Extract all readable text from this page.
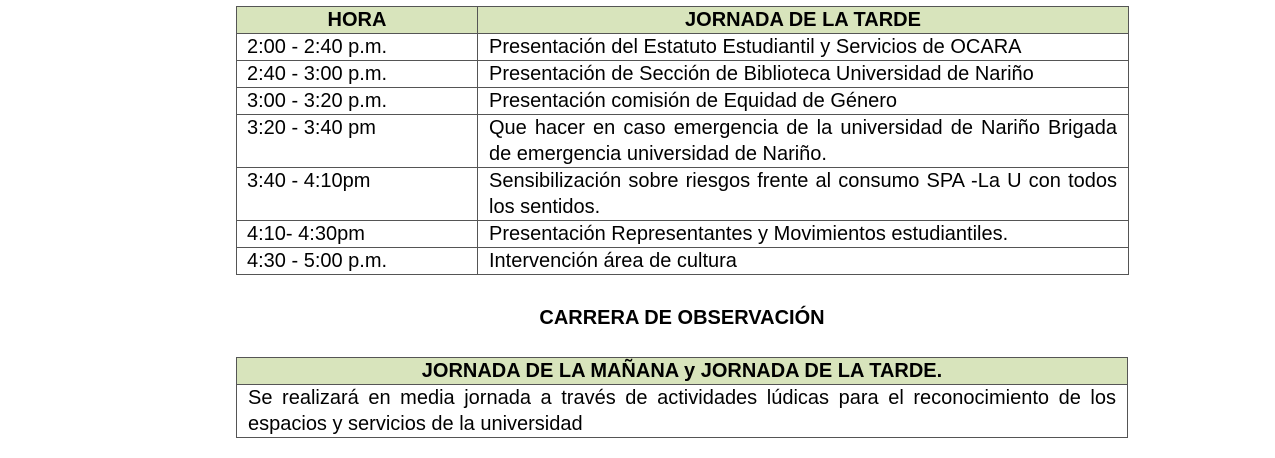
HORA	JORNADA DE LA TARDE
2:00 - 2:40 p.m.	Presentación del Estatuto Estudiantil y Servicios de OCARA
2:40 - 3:00 p.m.	Presentación de Sección de Biblioteca Universidad de Nariño
3:00 - 3:20 p.m.	Presentación comisión de Equidad de Género
3:20 - 3:40 pm	Que hacer en caso emergencia de la universidad de Nariño Brigada de emergencia universidad de Nariño.
3:40 - 4:10pm	Sensibilización sobre riesgos frente al consumo SPA -La U con todos los sentidos.
4:10- 4:30pm	Presentación Representantes y Movimientos estudiantiles.
4:30 - 5:00 p.m.	Intervención área de cultura
CARRERA DE OBSERVACIÓN
JORNADA DE LA MAÑANA y JORNADA DE LA TARDE.
Se realizará en media jornada a través de actividades lúdicas para el reconocimiento de los espacios y servicios de la universidad
